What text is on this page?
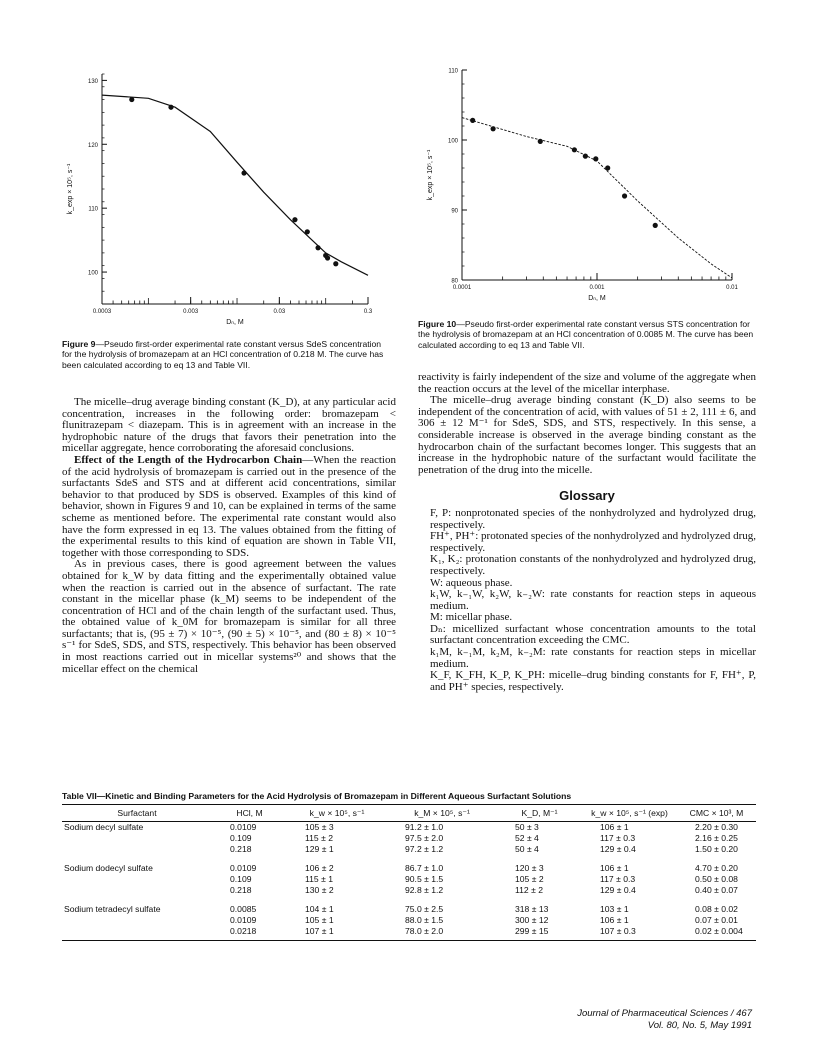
130
120
110
100
0.0003	0.003	0.03	0.3
Dₙ, M
k_exp × 10⁵, s⁻¹
Figure 9—Pseudo first-order experimental rate constant versus SdeS concentration for the hydrolysis of bromazepam at an HCl concentration of 0.218 M. The curve has been calculated according to eq 13 and Table VII.
110
100
90
80
0.0001	0.001	0.01
Dₙ, M
k_exp × 10⁵, s⁻¹
Figure 10—Pseudo first-order experimental rate constant versus STS concentration for the hydrolysis of bromazepam at an HCl concentration of 0.0085 M. The curve has been calculated according to eq 13 and Table VII.

The micelle–drug average binding constant (K_D), at any particular acid concentration, increases in the following order: bromazepam < flunitrazepam < diazepam. This is in agreement with an increase in the hydrophobic nature of the drugs that favors their penetration into the micellar aggregate, hence corroborating the aforesaid conclusions.

Effect of the Length of the Hydrocarbon Chain—When the reaction of the acid hydrolysis of bromazepam is carried out in the presence of the surfactants SdeS and STS and at different acid concentrations, similar behavior to that produced by SDS is observed. Examples of this kind of behavior, shown in Figures 9 and 10, can be explained in terms of the same scheme as mentioned before. The experimental rate constant would also have the form expressed in eq 13. The values obtained from the fitting of the experimental results to this kind of equation are shown in Table VII, together with those corresponding to SDS.

As in previous cases, there is good agreement between the values obtained for k_W by data fitting and the experimentally obtained value when the reaction is carried out in the absence of surfactant. The rate constant in the micellar phase (k_M) seems to be independent of the concentration of HCl and of the chain length of the surfactant used. Thus, the obtained value of k_0M for bromazepam is similar for all three surfactants; that is, (95 ± 7) × 10⁻⁵, (90 ± 5) × 10⁻⁵, and (80 ± 8) × 10⁻⁵ s⁻¹ for SdeS, SDS, and STS, respectively. This behavior has been observed in most reactions carried out in micellar systems²⁰ and shows that the micellar effect on the chemical

reactivity is fairly independent of the size and volume of the aggregate when the reaction occurs at the level of the micellar interphase.

The micelle–drug average binding constant (K_D) also seems to be independent of the concentration of acid, with values of 51 ± 2, 111 ± 6, and 306 ± 12 M⁻¹ for SdeS, SDS, and STS, respectively. In this sense, a considerable increase is observed in the average binding constant as the hydrocarbon chain of the surfactant becomes longer. This suggests that an increase in the hydrophobic nature of the surfactant would facilitate the penetration of the drug into the micelle.

Glossary

F, P: nonprotonated species of the nonhydrolyzed and hydrolyzed drug, respectively.

FH⁺, PH⁺: protonated species of the nonhydrolyzed and hydrolyzed drug, respectively.

K₁, K₂: protonation constants of the nonhydrolyzed and hydrolyzed drug, respectively.

W: aqueous phase.

k₁W, k₋₁W, k₂W, k₋₂W: rate constants for reaction steps in aqueous medium.

M: micellar phase.

Dₙ: micellized surfactant whose concentration amounts to the total surfactant concentration exceeding the CMC.

k₁M, k₋₁M, k₂M, k₋₂M: rate constants for reaction steps in micellar medium.

K_F, K_FH, K_P, K_PH: micelle–drug binding constants for F, FH⁺, P, and PH⁺ species, respectively.

Table VII—Kinetic and Binding Parameters for the Acid Hydrolysis of Bromazepam in Different Aqueous Surfactant Solutions
Surfactant	HCl, M	k_w × 10⁵, s⁻¹	k_M × 10⁵, s⁻¹	K_D, M⁻¹	k_w × 10⁵, s⁻¹ (exp)	CMC × 10³, M
Sodium decyl sulfate	0.0109	105 ± 3	91.2 ± 1.0	50 ± 3	106 ± 1	2.20 ± 0.30
	0.109	115 ± 2	97.5 ± 2.0	52 ± 4	117 ± 0.3	2.16 ± 0.25
	0.218	129 ± 1	97.2 ± 1.2	50 ± 4	129 ± 0.4	1.50 ± 0.20

Sodium dodecyl sulfate	0.0109	106 ± 2	86.7 ± 1.0	120 ± 3	106 ± 1	4.70 ± 0.20
	0.109	115 ± 1	90.5 ± 1.5	105 ± 2	117 ± 0.3	0.50 ± 0.08
	0.218	130 ± 2	92.8 ± 1.2	112 ± 2	129 ± 0.4	0.40 ± 0.07

Sodium tetradecyl sulfate	0.0085	104 ± 1	75.0 ± 2.5	318 ± 13	103 ± 1	0.08 ± 0.02
	0.0109	105 ± 1	88.0 ± 1.5	300 ± 12	106 ± 1	0.07 ± 0.01
	0.0218	107 ± 1	78.0 ± 2.0	299 ± 15	107 ± 0.3	0.02 ± 0.004
Journal of Pharmaceutical Sciences / 467
Vol. 80, No. 5, May 1991
